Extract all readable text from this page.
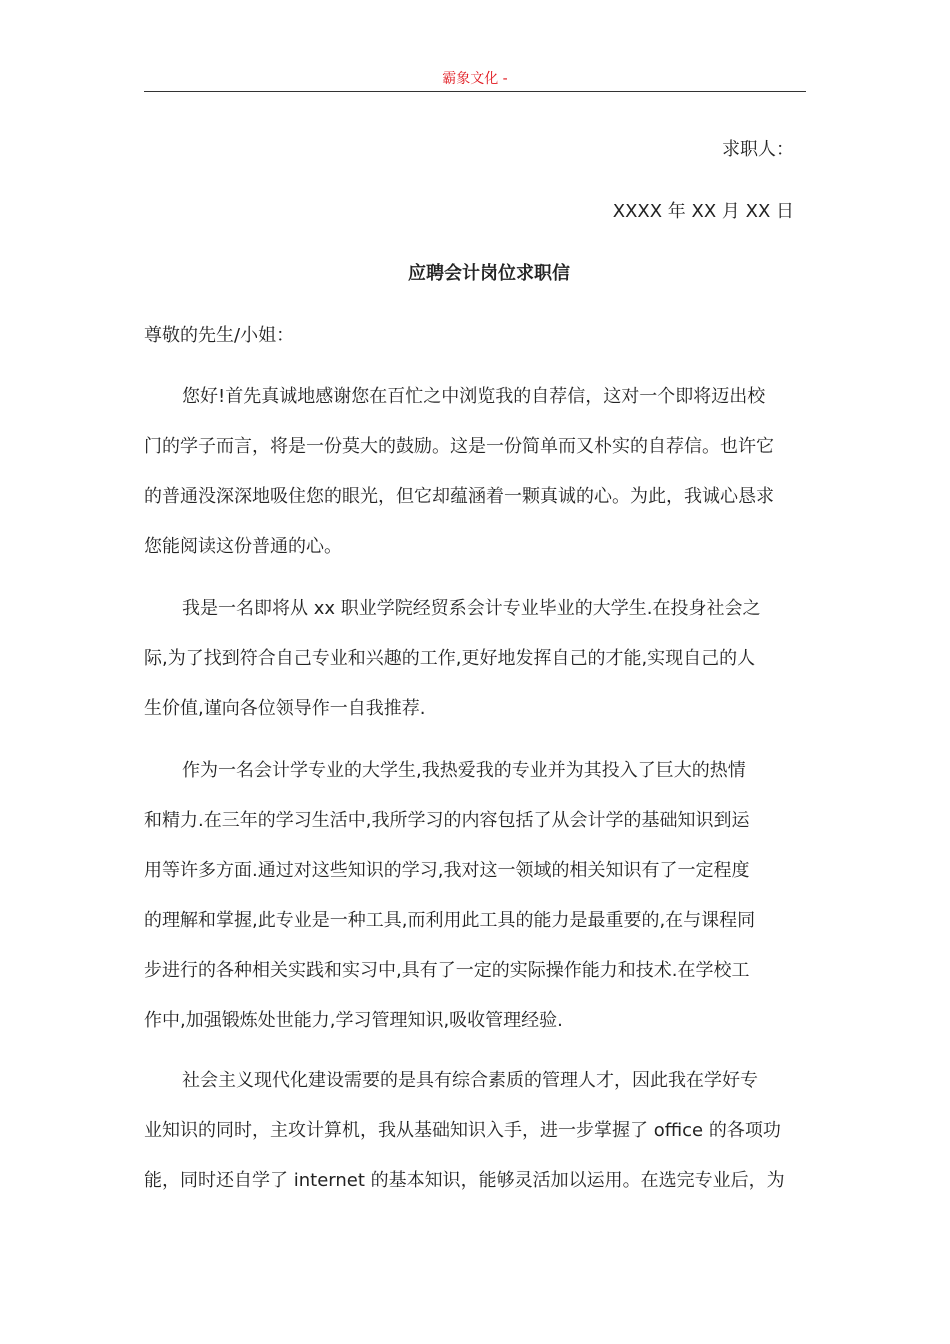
霸象文化 -
求职人：
XXXX 年 XX 月 XX 日
应聘会计岗位求职信
尊敬的先生/小姐：
您好!首先真诚地感谢您在百忙之中浏览我的自荐信，这对一个即将迈出校
门的学子而言，将是一份莫大的鼓励。这是一份简单而又朴实的自荐信。也许它
的普通没深深地吸住您的眼光，但它却蕴涵着一颗真诚的心。为此，我诚心恳求
您能阅读这份普通的心。
我是一名即将从 xx 职业学院经贸系会计专业毕业的大学生.在投身社会之
际,为了找到符合自己专业和兴趣的工作,更好地发挥自己的才能,实现自己的人
生价值,谨向各位领导作一自我推荐.
作为一名会计学专业的大学生,我热爱我的专业并为其投入了巨大的热情
和精力.在三年的学习生活中,我所学习的内容包括了从会计学的基础知识到运
用等许多方面.通过对这些知识的学习,我对这一领域的相关知识有了一定程度
的理解和掌握,此专业是一种工具,而利用此工具的能力是最重要的,在与课程同
步进行的各种相关实践和实习中,具有了一定的实际操作能力和技术.在学校工
作中,加强锻炼处世能力,学习管理知识,吸收管理经验.
社会主义现代化建设需要的是具有综合素质的管理人才，因此我在学好专
业知识的同时，主攻计算机，我从基础知识入手，进一步掌握了 office 的各项功
能，同时还自学了 internet 的基本知识，能够灵活加以运用。在选完专业后，为
